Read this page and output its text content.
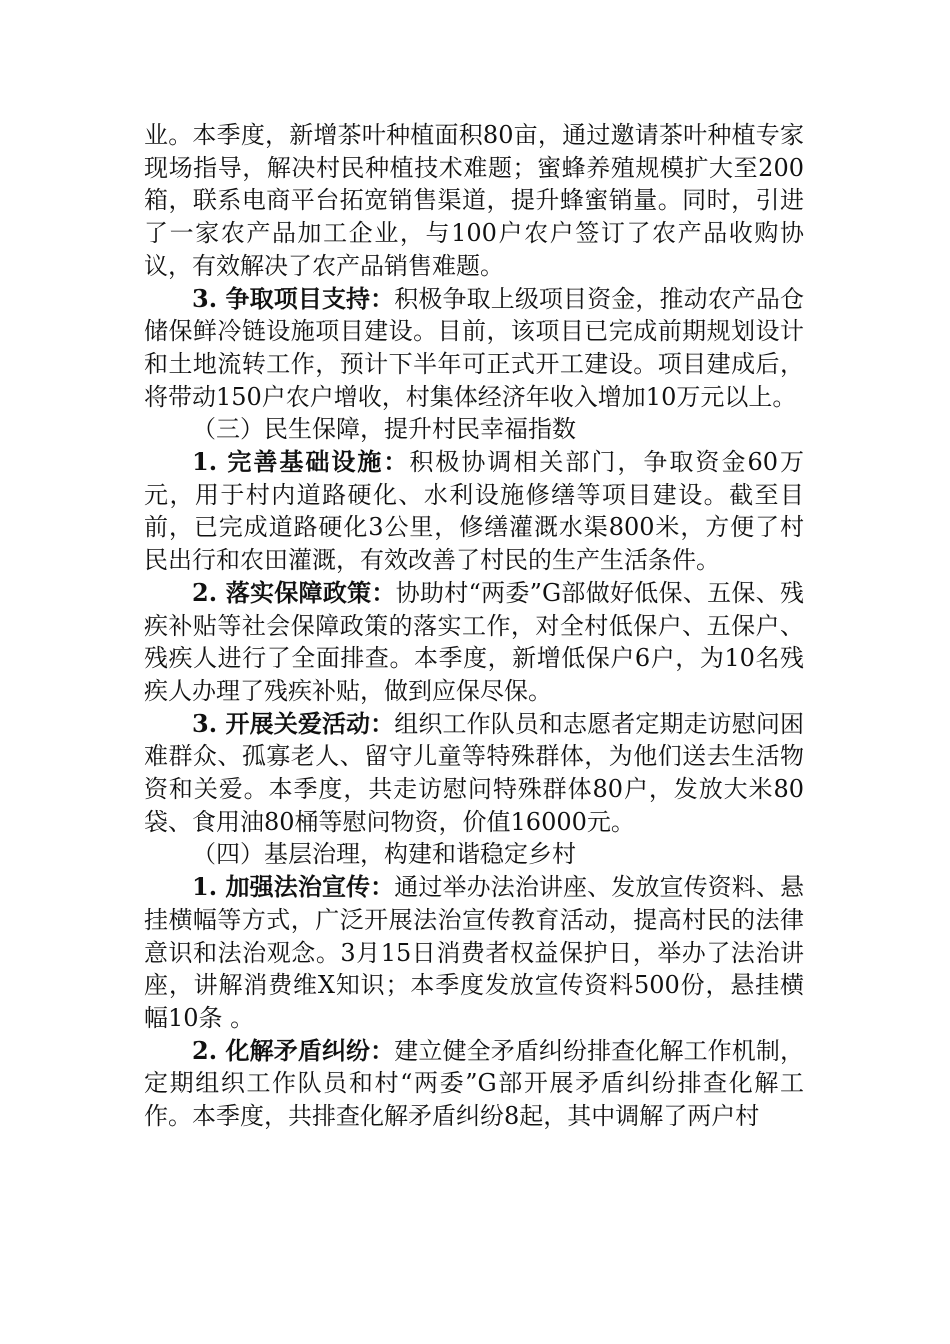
业。本季度，新增茶叶种植面积80亩，通过邀请茶叶种植专家现场指导，解决村民种植技术难题；蜜蜂养殖规模扩大至200箱，联系电商平台拓宽销售渠道，提升蜂蜜销量。同时，引进了一家农产品加工企业，与100户农户签订了农产品收购协议，有效解决了农产品销售难题。

3. 争取项目支持：积极争取上级项目资金，推动农产品仓储保鲜冷链设施项目建设。目前，该项目已完成前期规划设计和土地流转工作，预计下半年可正式开工建设。项目建成后，将带动150户农户增收，村集体经济年收入增加10万元以上。

（三）民生保障，提升村民幸福指数

1. 完善基础设施：积极协调相关部门，争取资金60万元，用于村内道路硬化、水利设施修缮等项目建设。截至目前，已完成道路硬化3公里，修缮灌溉水渠800米，方便了村民出行和农田灌溉，有效改善了村民的生产生活条件。

2. 落实保障政策：协助村“两委”G部做好低保、五保、残疾补贴等社会保障政策的落实工作，对全村低保户、五保户、残疾人进行了全面排查。本季度，新增低保户6户，为10名残疾人办理了残疾补贴，做到应保尽保。

3. 开展关爱活动：组织工作队员和志愿者定期走访慰问困难群众、孤寡老人、留守儿童等特殊群体，为他们送去生活物资和关爱。本季度，共走访慰问特殊群体80户，发放大米80袋、食用油80桶等慰问物资，价值16000元。

（四）基层治理，构建和谐稳定乡村

1. 加强法治宣传：通过举办法治讲座、发放宣传资料、悬挂横幅等方式，广泛开展法治宣传教育活动，提高村民的法律意识和法治观念。3月15日消费者权益保护日，举办了法治讲座，讲解消费维X知识；本季度发放宣传资料500份，悬挂横幅10条 。

2. 化解矛盾纠纷：建立健全矛盾纠纷排查化解工作机制，定期组织工作队员和村“两委”G部开展矛盾纠纷排查化解工作。本季度，共排查化解矛盾纠纷8起，其中调解了两户村
